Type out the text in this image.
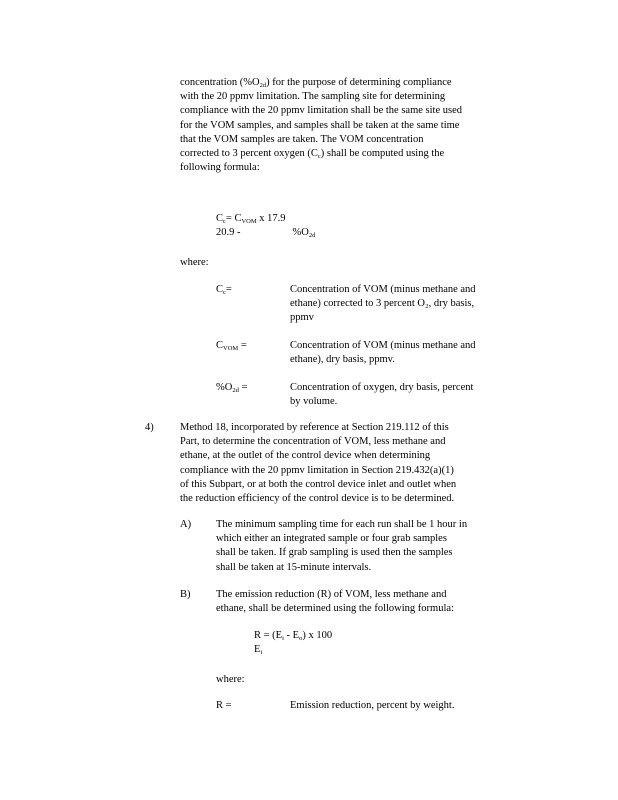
concentration $(\%O_{2d})$ for the purpose of determining compliance
with the 20 ppmv limitation. The sampling site for determining
compliance with the 20 ppmv limitation shall be the same site used
for the VOM samples, and samples shall be taken at the same time
that the VOM samples are taken. The VOM concentration
corrected to 3 percent oxygen $(C_c)$ shall be computed using the
following formula:
$C_c= C_{VOM}$ x 17.9
20.9 -	$\%O_{2d}$
where:
$C_c=$	Concentration of VOM (minus methane and
ethane) corrected to 3 percent O₂, dry basis,
ppmv
$C_{VOM}$ =	Concentration of VOM (minus methane and
ethane), dry basis, ppmv.
$\%O_{2d}$ =	Concentration of oxygen, dry basis, percent
by volume.
4)	Method 18, incorporated by reference at Section 219.112 of this
Part, to determine the concentration of VOM, less methane and
ethane, at the outlet of the control device when determining
compliance with the 20 ppmv limitation in Section 219.432(a)(1)
of this Subpart, or at both the control device inlet and outlet when
the reduction efficiency of the control device is to be determined.
A) The minimum sampling time for each run shall be 1 hour in
which either an integrated sample or four grab samples
shall be taken. If grab sampling is used then the samples
shall be taken at 15-minute intervals.
B) The emission reduction (R) of VOM, less methane and
ethane, shall be determined using the following formula:
$R = (E_i - E_o)$ x 100
$E_i$
where:
R =	Emission reduction, percent by weight.
